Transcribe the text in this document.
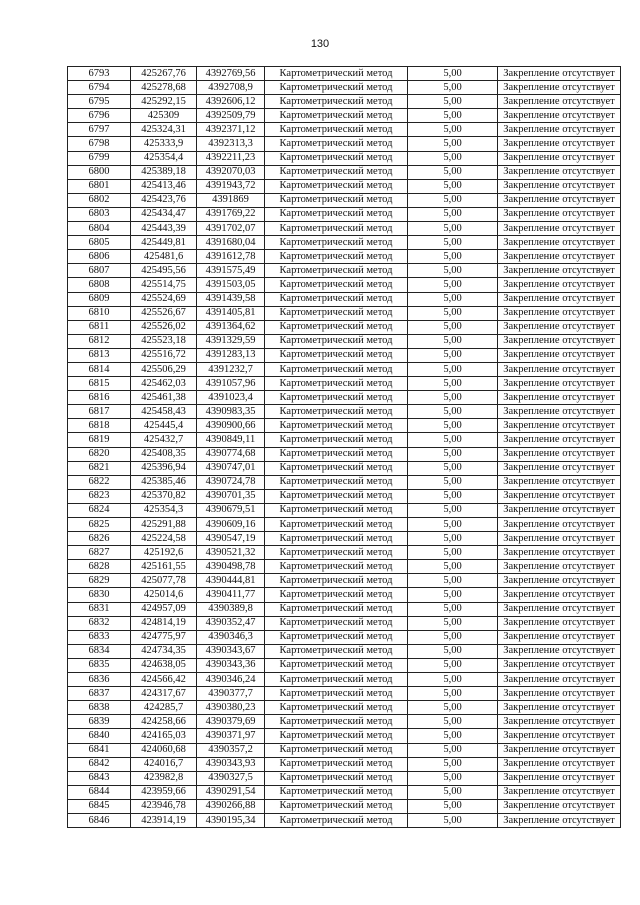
130
6793	425267,76	4392769,56	Картометрический метод	5,00	Закрепление отсутствует
6794	425278,68	4392708,9	Картометрический метод	5,00	Закрепление отсутствует
6795	425292,15	4392606,12	Картометрический метод	5,00	Закрепление отсутствует
6796	425309	4392509,79	Картометрический метод	5,00	Закрепление отсутствует
6797	425324,31	4392371,12	Картометрический метод	5,00	Закрепление отсутствует
6798	425333,9	4392313,3	Картометрический метод	5,00	Закрепление отсутствует
6799	425354,4	4392211,23	Картометрический метод	5,00	Закрепление отсутствует
6800	425389,18	4392070,03	Картометрический метод	5,00	Закрепление отсутствует
6801	425413,46	4391943,72	Картометрический метод	5,00	Закрепление отсутствует
6802	425423,76	4391869	Картометрический метод	5,00	Закрепление отсутствует
6803	425434,47	4391769,22	Картометрический метод	5,00	Закрепление отсутствует
6804	425443,39	4391702,07	Картометрический метод	5,00	Закрепление отсутствует
6805	425449,81	4391680,04	Картометрический метод	5,00	Закрепление отсутствует
6806	425481,6	4391612,78	Картометрический метод	5,00	Закрепление отсутствует
6807	425495,56	4391575,49	Картометрический метод	5,00	Закрепление отсутствует
6808	425514,75	4391503,05	Картометрический метод	5,00	Закрепление отсутствует
6809	425524,69	4391439,58	Картометрический метод	5,00	Закрепление отсутствует
6810	425526,67	4391405,81	Картометрический метод	5,00	Закрепление отсутствует
6811	425526,02	4391364,62	Картометрический метод	5,00	Закрепление отсутствует
6812	425523,18	4391329,59	Картометрический метод	5,00	Закрепление отсутствует
6813	425516,72	4391283,13	Картометрический метод	5,00	Закрепление отсутствует
6814	425506,29	4391232,7	Картометрический метод	5,00	Закрепление отсутствует
6815	425462,03	4391057,96	Картометрический метод	5,00	Закрепление отсутствует
6816	425461,38	4391023,4	Картометрический метод	5,00	Закрепление отсутствует
6817	425458,43	4390983,35	Картометрический метод	5,00	Закрепление отсутствует
6818	425445,4	4390900,66	Картометрический метод	5,00	Закрепление отсутствует
6819	425432,7	4390849,11	Картометрический метод	5,00	Закрепление отсутствует
6820	425408,35	4390774,68	Картометрический метод	5,00	Закрепление отсутствует
6821	425396,94	4390747,01	Картометрический метод	5,00	Закрепление отсутствует
6822	425385,46	4390724,78	Картометрический метод	5,00	Закрепление отсутствует
6823	425370,82	4390701,35	Картометрический метод	5,00	Закрепление отсутствует
6824	425354,3	4390679,51	Картометрический метод	5,00	Закрепление отсутствует
6825	425291,88	4390609,16	Картометрический метод	5,00	Закрепление отсутствует
6826	425224,58	4390547,19	Картометрический метод	5,00	Закрепление отсутствует
6827	425192,6	4390521,32	Картометрический метод	5,00	Закрепление отсутствует
6828	425161,55	4390498,78	Картометрический метод	5,00	Закрепление отсутствует
6829	425077,78	4390444,81	Картометрический метод	5,00	Закрепление отсутствует
6830	425014,6	4390411,77	Картометрический метод	5,00	Закрепление отсутствует
6831	424957,09	4390389,8	Картометрический метод	5,00	Закрепление отсутствует
6832	424814,19	4390352,47	Картометрический метод	5,00	Закрепление отсутствует
6833	424775,97	4390346,3	Картометрический метод	5,00	Закрепление отсутствует
6834	424734,35	4390343,67	Картометрический метод	5,00	Закрепление отсутствует
6835	424638,05	4390343,36	Картометрический метод	5,00	Закрепление отсутствует
6836	424566,42	4390346,24	Картометрический метод	5,00	Закрепление отсутствует
6837	424317,67	4390377,7	Картометрический метод	5,00	Закрепление отсутствует
6838	424285,7	4390380,23	Картометрический метод	5,00	Закрепление отсутствует
6839	424258,66	4390379,69	Картометрический метод	5,00	Закрепление отсутствует
6840	424165,03	4390371,97	Картометрический метод	5,00	Закрепление отсутствует
6841	424060,68	4390357,2	Картометрический метод	5,00	Закрепление отсутствует
6842	424016,7	4390343,93	Картометрический метод	5,00	Закрепление отсутствует
6843	423982,8	4390327,5	Картометрический метод	5,00	Закрепление отсутствует
6844	423959,66	4390291,54	Картометрический метод	5,00	Закрепление отсутствует
6845	423946,78	4390266,88	Картометрический метод	5,00	Закрепление отсутствует
6846	423914,19	4390195,34	Картометрический метод	5,00	Закрепление отсутствует
